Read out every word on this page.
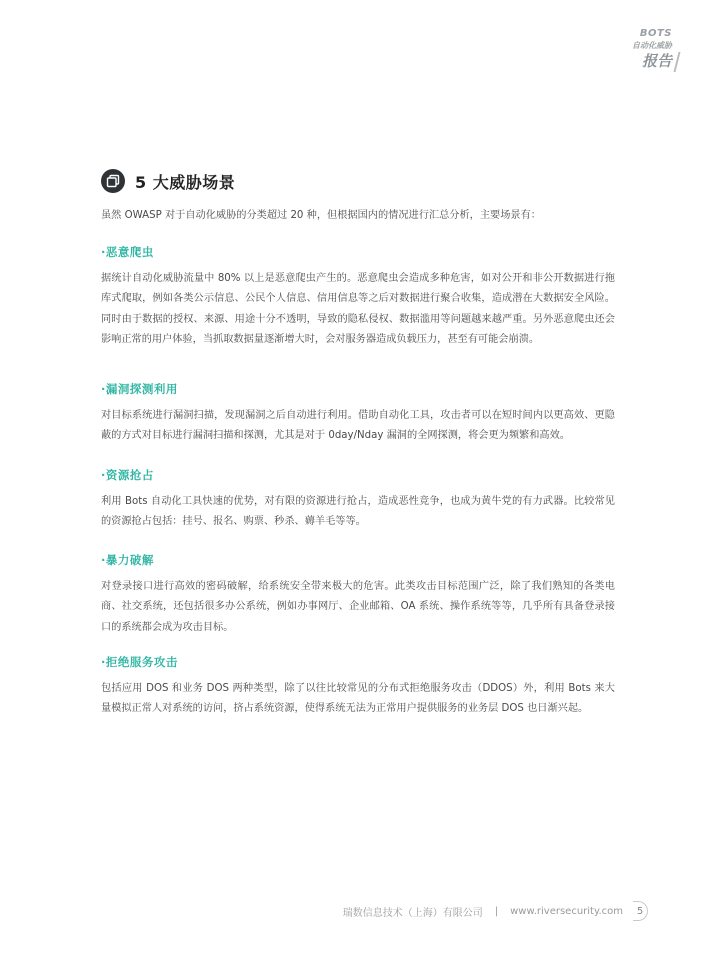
BOTS
自动化威胁
报告
5 大威胁场景
虽然 OWASP 对于自动化威胁的分类超过 20 种，但根据国内的情况进行汇总分析，主要场景有：
·恶意爬虫
据统计自动化威胁流量中 80% 以上是恶意爬虫产生的。恶意爬虫会造成多种危害，如对公开和非公开数据进行拖库式爬取，例如各类公示信息、公民个人信息、信用信息等之后对数据进行聚合收集，造成潜在大数据安全风险。同时由于数据的授权、来源、用途十分不透明，导致的隐私侵权、数据滥用等问题越来越严重。另外恶意爬虫还会影响正常的用户体验，当抓取数据量逐渐增大时，会对服务器造成负载压力，甚至有可能会崩溃。
·漏洞探测利用
对目标系统进行漏洞扫描，发现漏洞之后自动进行利用。借助自动化工具，攻击者可以在短时间内以更高效、更隐蔽的方式对目标进行漏洞扫描和探测，尤其是对于 0day/Nday 漏洞的全网探测，将会更为频繁和高效。
·资源抢占
利用 Bots 自动化工具快速的优势，对有限的资源进行抢占，造成恶性竞争，也成为黄牛党的有力武器。比较常见的资源抢占包括：挂号、报名、购票、秒杀、薅羊毛等等。
·暴力破解
对登录接口进行高效的密码破解，给系统安全带来极大的危害。此类攻击目标范围广泛，除了我们熟知的各类电商、社交系统，还包括很多办公系统，例如办事网厅、企业邮箱、OA 系统、操作系统等等，几乎所有具备登录接口的系统都会成为攻击目标。
·拒绝服务攻击
包括应用 DOS 和业务 DOS 两种类型，除了以往比较常见的分布式拒绝服务攻击（DDOS）外，利用 Bots 来大量模拟正常人对系统的访问，挤占系统资源，使得系统无法为正常用户提供服务的业务层 DOS 也日渐兴起。
瑞数信息技术（上海）有限公司 | www.riversecurity.com	5
